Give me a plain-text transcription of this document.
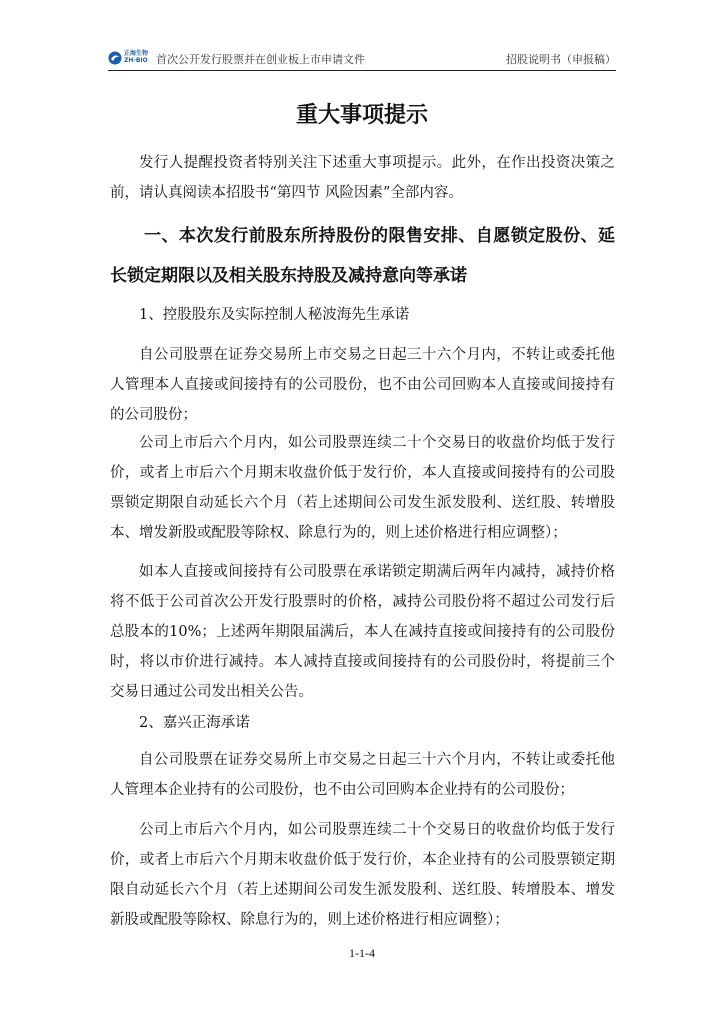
正海生物
ZH-BIO 首次公开发行股票并在创业板上市申请文件	招股说明书（申报稿）
重大事项提示
发行人提醒投资者特别关注下述重大事项提示。此外，在作出投资决策之前，请认真阅读本招股书“第四节 风险因素”全部内容。
一、本次发行前股东所持股份的限售安排、自愿锁定股份、延长锁定期限以及相关股东持股及减持意向等承诺
1、控股股东及实际控制人秘波海先生承诺
自公司股票在证券交易所上市交易之日起三十六个月内，不转让或委托他人管理本人直接或间接持有的公司股份，也不由公司回购本人直接或间接持有的公司股份；
公司上市后六个月内，如公司股票连续二十个交易日的收盘价均低于发行价，或者上市后六个月期末收盘价低于发行价，本人直接或间接持有的公司股票锁定期限自动延长六个月（若上述期间公司发生派发股利、送红股、转增股本、增发新股或配股等除权、除息行为的，则上述价格进行相应调整）；
如本人直接或间接持有公司股票在承诺锁定期满后两年内减持，减持价格将不低于公司首次公开发行股票时的价格，减持公司股份将不超过公司发行后总股本的10%；上述两年期限届满后，本人在减持直接或间接持有的公司股份时，将以市价进行减持。本人减持直接或间接持有的公司股份时，将提前三个交易日通过公司发出相关公告。
2、嘉兴正海承诺
自公司股票在证券交易所上市交易之日起三十六个月内，不转让或委托他人管理本企业持有的公司股份，也不由公司回购本企业持有的公司股份；
公司上市后六个月内，如公司股票连续二十个交易日的收盘价均低于发行价，或者上市后六个月期末收盘价低于发行价，本企业持有的公司股票锁定期限自动延长六个月（若上述期间公司发生派发股利、送红股、转增股本、增发新股或配股等除权、除息行为的，则上述价格进行相应调整）；
1-1-4
